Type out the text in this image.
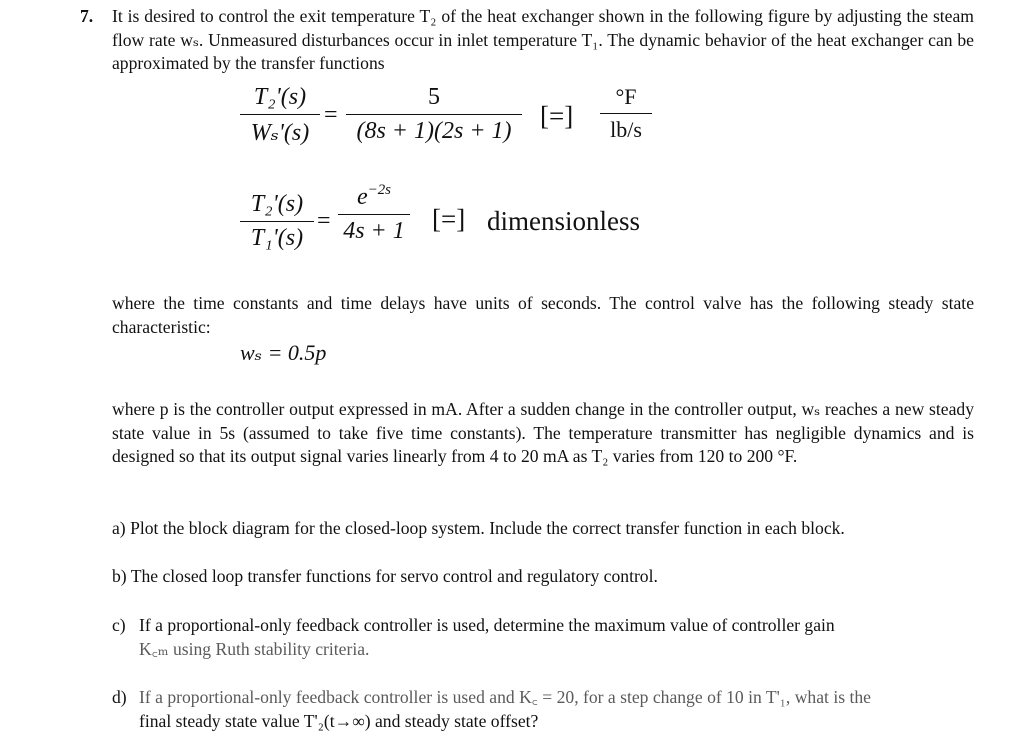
7. It is desired to control the exit temperature T₂ of the heat exchanger shown in the following figure by adjusting the steam flow rate wₛ. Unmeasured disturbances occur in inlet temperature T₁. The dynamic behavior of the heat exchanger can be approximated by the transfer functions

T₂'(s)
Wₛ'(s)
=
5
(8s + 1)(2s + 1)	[=]
°F
lb/s
T₂'(s)
T₁'(s)
=
$e^{-2s}$
4s + 1 [=] dimensionless

where the time constants and time delays have units of seconds. The control valve has the following steady state characteristic:

wₛ = 0.5p

where p is the controller output expressed in mA. After a sudden change in the controller output, wₛ reaches a new steady state value in 5s (assumed to take five time constants). The temperature transmitter has negligible dynamics and is designed so that its output signal varies linearly from 4 to 20 mA as T₂ varies from 120 to 200 °F.

a) Plot the block diagram for the closed-loop system. Include the correct transfer function in each block.
b) The closed loop transfer functions for servo control and regulatory control.
c) If a proportional-only feedback controller is used, determine the maximum value of controller gain
K꜀ₘ using Ruth stability criteria.
d) If a proportional-only feedback controller is used and K꜀ = 20, for a step change of 10 in T'₁, what is the
final steady state value T'₂(t→∞) and steady state offset?
